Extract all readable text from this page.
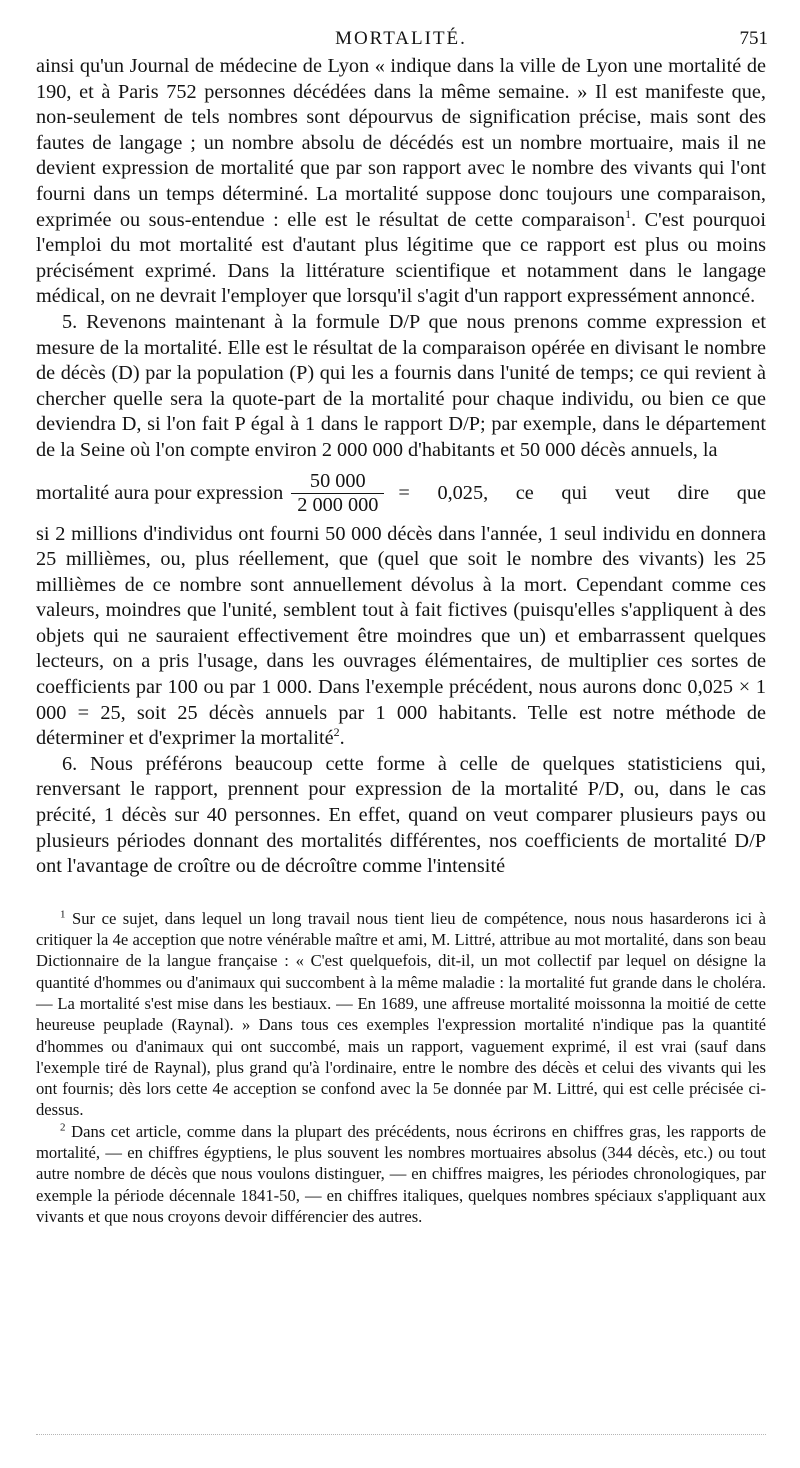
MORTALITÉ.	751

ainsi qu'un Journal de médecine de Lyon « indique dans la ville de Lyon une mortalité de 190, et à Paris 752 personnes décédées dans la même semaine. » Il est manifeste que, non-seulement de tels nombres sont dépourvus de signification précise, mais sont des fautes de langage ; un nombre absolu de décédés est un nombre mortuaire, mais il ne devient expression de mortalité que par son rapport avec le nombre des vivants qui l'ont fourni dans un temps déterminé. La mortalité suppose donc toujours une comparaison, exprimée ou sous-entendue : elle est le résultat de cette comparaison$^1$. C'est pourquoi l'emploi du mot mortalité est d'autant plus légitime que ce rapport est plus ou moins précisément exprimé. Dans la littérature scientifique et notamment dans le langage médical, on ne devrait l'employer que lorsqu'il s'agit d'un rapport expressément annoncé.

5. Revenons maintenant à la formule D/P que nous prenons comme expression et mesure de la mortalité. Elle est le résultat de la comparaison opérée en divisant le nombre de décès (D) par la population (P) qui les a fournis dans l'unité de temps; ce qui revient à chercher quelle sera la quote-part de la mortalité pour chaque individu, ou bien ce que deviendra D, si l'on fait P égal à 1 dans le rapport D/P; par exemple, dans le département de la Seine où l'on compte environ 2 000 000 d'habitants et 50 000 décès annuels, la

mortalité aura pour expression $\frac{50 000}{2 000 000} = 0,025$, ce qui veut dire que

si 2 millions d'individus ont fourni 50 000 décès dans l'année, 1 seul individu en donnera 25 millièmes, ou, plus réellement, que (quel que soit le nombre des vivants) les 25 millièmes de ce nombre sont annuellement dévolus à la mort. Cependant comme ces valeurs, moindres que l'unité, semblent tout à fait fictives (puisqu'elles s'appliquent à des objets qui ne sauraient effectivement être moindres que un) et embarrassent quelques lecteurs, on a pris l'usage, dans les ouvrages élémentaires, de multiplier ces sortes de coefficients par 100 ou par 1 000. Dans l'exemple précédent, nous aurons donc 0,025 × 1 000 = 25, soit 25 décès annuels par 1 000 habitants. Telle est notre méthode de déterminer et d'exprimer la mortalité$^2$.

6. Nous préférons beaucoup cette forme à celle de quelques statisticiens qui, renversant le rapport, prennent pour expression de la mortalité P/D, ou, dans le cas précité, 1 décès sur 40 personnes. En effet, quand on veut comparer plusieurs pays ou plusieurs périodes donnant des mortalités différentes, nos coefficients de mortalité D/P ont l'avantage de croître ou de décroître comme l'intensité

$^1$ Sur ce sujet, dans lequel un long travail nous tient lieu de compétence, nous nous hasarderons ici à critiquer la 4e acception que notre vénérable maître et ami, M. Littré, attribue au mot mortalité, dans son beau Dictionnaire de la langue française : « C'est quelquefois, dit-il, un mot collectif par lequel on désigne la quantité d'hommes ou d'animaux qui succombent à la même maladie : la mortalité fut grande dans le choléra. — La mortalité s'est mise dans les bestiaux. — En 1689, une affreuse mortalité moissonna la moitié de cette heureuse peuplade (Raynal). » Dans tous ces exemples l'expression mortalité n'indique pas la quantité d'hommes ou d'animaux qui ont succombé, mais un rapport, vaguement exprimé, il est vrai (sauf dans l'exemple tiré de Raynal), plus grand qu'à l'ordinaire, entre le nombre des décès et celui des vivants qui les ont fournis; dès lors cette 4e acception se confond avec la 5e donnée par M. Littré, qui est celle précisée ci-dessus.

$^2$ Dans cet article, comme dans la plupart des précédents, nous écrirons en chiffres gras, les rapports de mortalité, — en chiffres égyptiens, le plus souvent les nombres mortuaires absolus (344 décès, etc.) ou tout autre nombre de décès que nous voulons distinguer, — en chiffres maigres, les périodes chronologiques, par exemple la période décennale 1841-50, — en chiffres italiques, quelques nombres spéciaux s'appliquant aux vivants et que nous croyons devoir différencier des autres.
